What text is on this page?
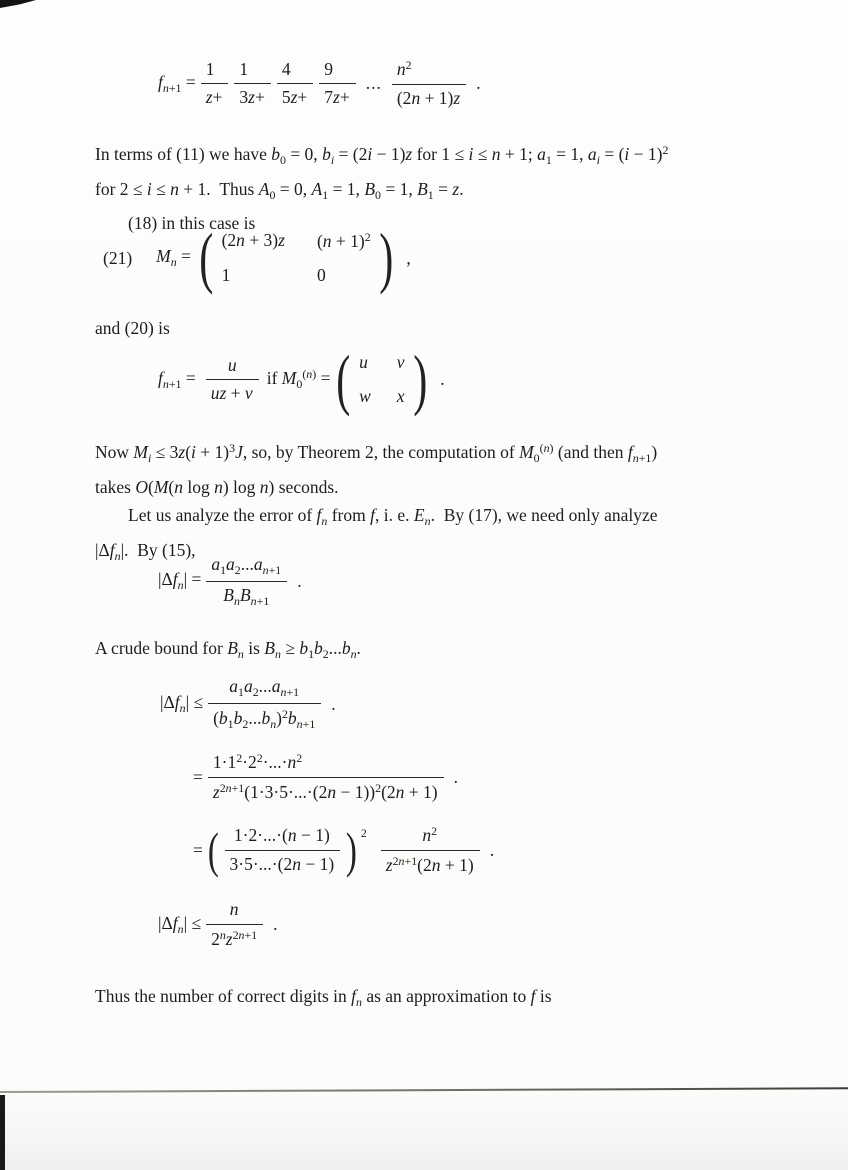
$f_{n+1} = \frac{1}{z+} \frac{1}{3z+} \frac{4}{5z+} \frac{9}{7z+}$ ... $\frac{n^2}{(2n + 1)z}$ .
In terms of (11) we have $b_0 = 0$, $b_i = (2i - 1)z$ for 1 ≤ i ≤ n + 1; $a_1 = 1$, $a_i = (i - 1)^2$
for 2 ≤ i ≤ n + 1. Thus $A_0 = 0$, $A_1 = 1$, $B_0 = 1$, $B_1 = z$.
(18) in this case is
(21) $M_n$ = ( (2n + 3)z $(n + 1)^2$
1	0 ) ,
and (20) is
$f_{n+1} = \frac{u}{uz + v}$ if $M_0^{(n)}$ = ( u v
w x ) .
Now $M_i \le 3z(i + 1)^3J$, so, by Theorem 2, the computation of $M_0^{(n)}$ (and then $f_{n+1}$)
takes O(M(n log n) log n) seconds.
Let us analyze the error of $f_n$ from f, i. e. $E_n$. By (17), we need only analyze
$|\Delta f_n|$. By (15),
$|\Delta f_n| = \frac{a_1a_2...a_{n+1}}{B_nB_{n+1}}$ .
A crude bound for $B_n$ is $B_n \ge b_1b_2...b_n$.
$|\Delta f_n| \le \frac{a_1a_2...a_{n+1}}{(b_1b_2...b_n)^2b_{n+1}}$ .
= $\frac{1\cdot 1^2\cdot 2^2\cdot...\cdot n^2}{z^{2n+1}(1\cdot 3\cdot 5\cdot...\cdot(2n - 1))^2(2n + 1)}$ .
= ( $\frac{1\cdot 2\cdot...\cdot(n - 1)}{3\cdot 5\cdot...\cdot(2n - 1)}$ ) $2 \frac{n^2}{z^{2n+1}(2n + 1)}$ .
$|\Delta f_n| \le \frac{n}{2^nz^{2n+1}}$ .
Thus the number of correct digits in $f_n$ as an approximation to f is
